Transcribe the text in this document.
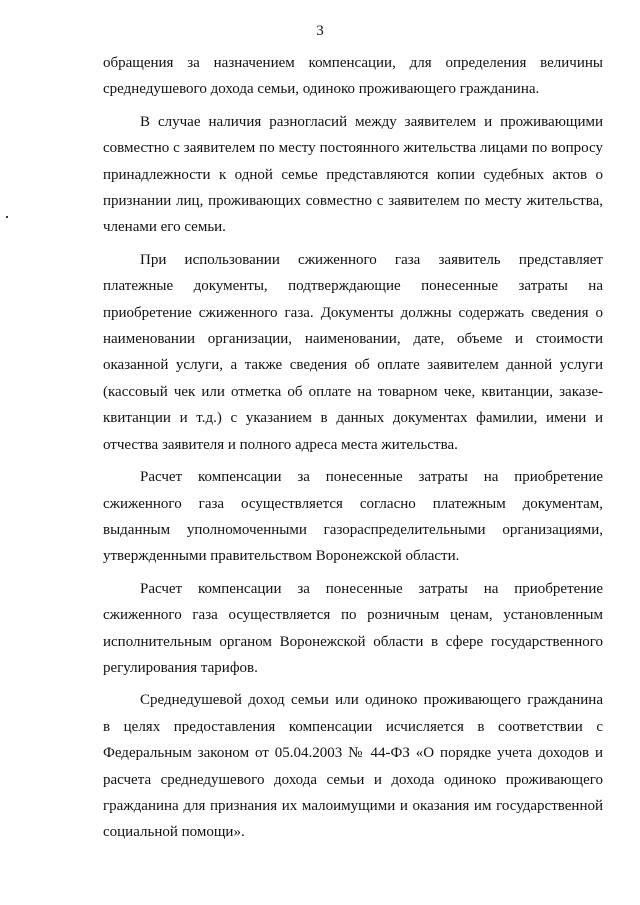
3

обращения за назначением компенсации, для определения величины
среднедушевого дохода семьи, одиноко проживающего гражданина.

В случае наличия разногласий между заявителем и проживающими
совместно с заявителем по месту постоянного жительства лицами по вопросу
принадлежности к одной семье представляются копии судебных актов о
признании лиц, проживающих совместно с заявителем по месту жительства,
членами его семьи.

При использовании сжиженного газа заявитель представляет
платежные документы, подтверждающие понесенные затраты на
приобретение сжиженного газа. Документы должны содержать сведения о
наименовании организации, наименовании, дате, объеме и стоимости
оказанной услуги, а также сведения об оплате заявителем данной услуги
(кассовый чек или отметка об оплате на товарном чеке, квитанции, заказе-
квитанции и т.д.) с указанием в данных документах фамилии, имени и
отчества заявителя и полного адреса места жительства.

Расчет компенсации за понесенные затраты на приобретение
сжиженного газа осуществляется согласно платежным документам,
выданным уполномоченными газораспределительными организациями,
утвержденными правительством Воронежской области.

Расчет компенсации за понесенные затраты на приобретение
сжиженного газа осуществляется по розничным ценам, установленным
исполнительным органом Воронежской области в сфере государственного
регулирования тарифов.

Среднедушевой доход семьи или одиноко проживающего гражданина
в целях предоставления компенсации исчисляется в соответствии с
Федеральным законом от 05.04.2003 № 44-ФЗ «О порядке учета доходов и
расчета среднедушевого дохода семьи и дохода одиноко проживающего
гражданина для признания их малоимущими и оказания им государственной
социальной помощи».
